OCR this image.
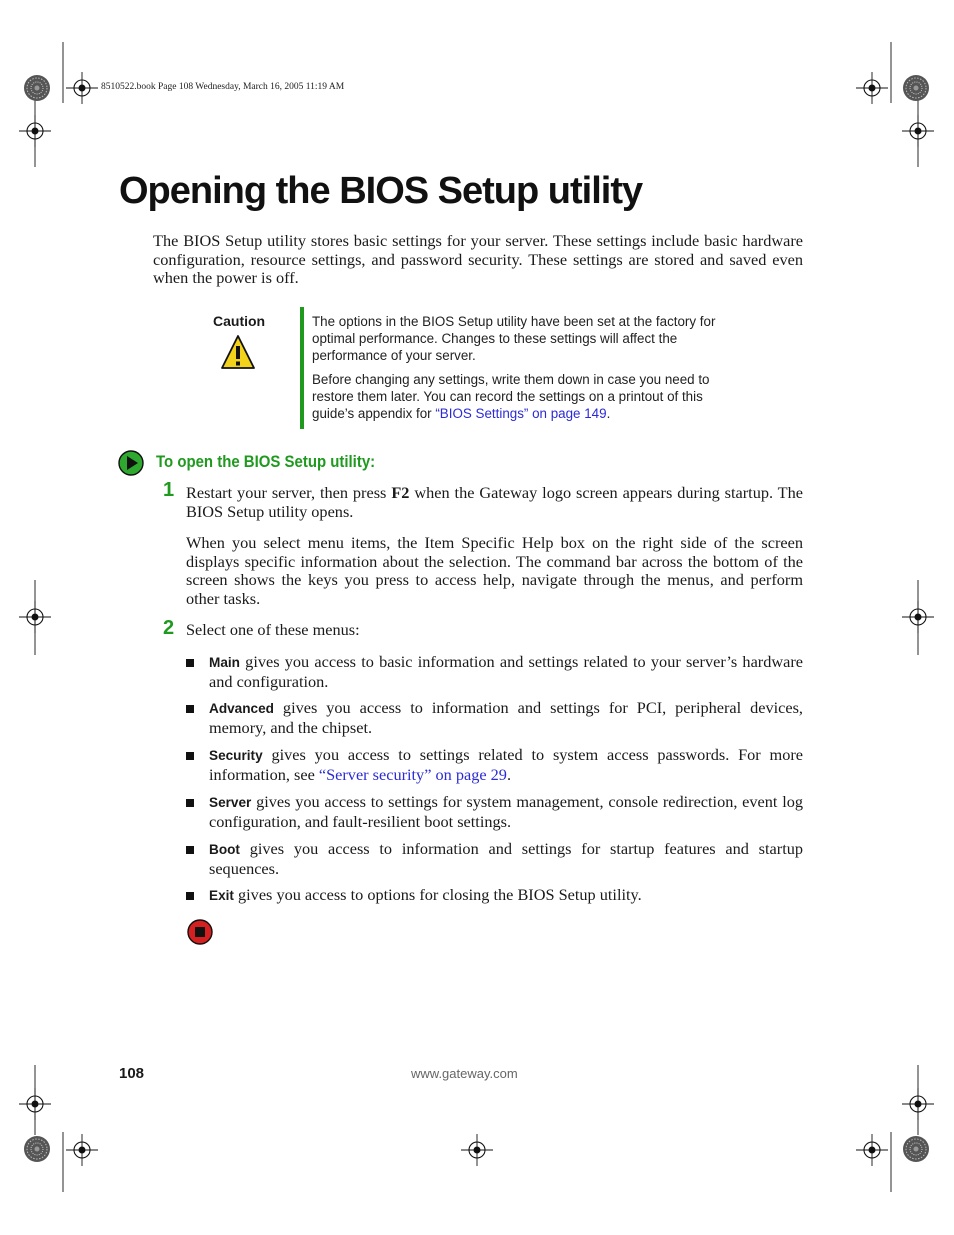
8510522.book Page 108 Wednesday, March 16, 2005 11:19 AM
Opening the BIOS Setup utility
The BIOS Setup utility stores basic settings for your server. These settings include basic hardware configuration, resource settings, and password security. These settings are stored and saved even when the power is off.
Caution	The options in the BIOS Setup utility have been set at the factory for optimal performance. Changes to these settings will affect the performance of your server.

Before changing any settings, write them down in case you need to restore them later. You can record the settings on a printout of this guide’s appendix for “BIOS Settings” on page 149.

To open the BIOS Setup utility:
1 Restart your server, then press F2 when the Gateway logo screen appears during startup. The BIOS Setup utility opens.
When you select menu items, the Item Specific Help box on the right side of the screen displays specific information about the selection. The command bar across the bottom of the screen shows the keys you press to access help, navigate through the menus, and perform other tasks.
2 Select one of these menus:
Main gives you access to basic information and settings related to your server’s hardware and configuration.
Advanced gives you access to information and settings for PCI, peripheral devices, memory, and the chipset.
Security gives you access to settings related to system access passwords. For more information, see “Server security” on page 29.
Server gives you access to settings for system management, console redirection, event log configuration, and fault-resilient boot settings.
Boot gives you access to information and settings for startup features and startup sequences.
Exit gives you access to options for closing the BIOS Setup utility.
108	www.gateway.com
